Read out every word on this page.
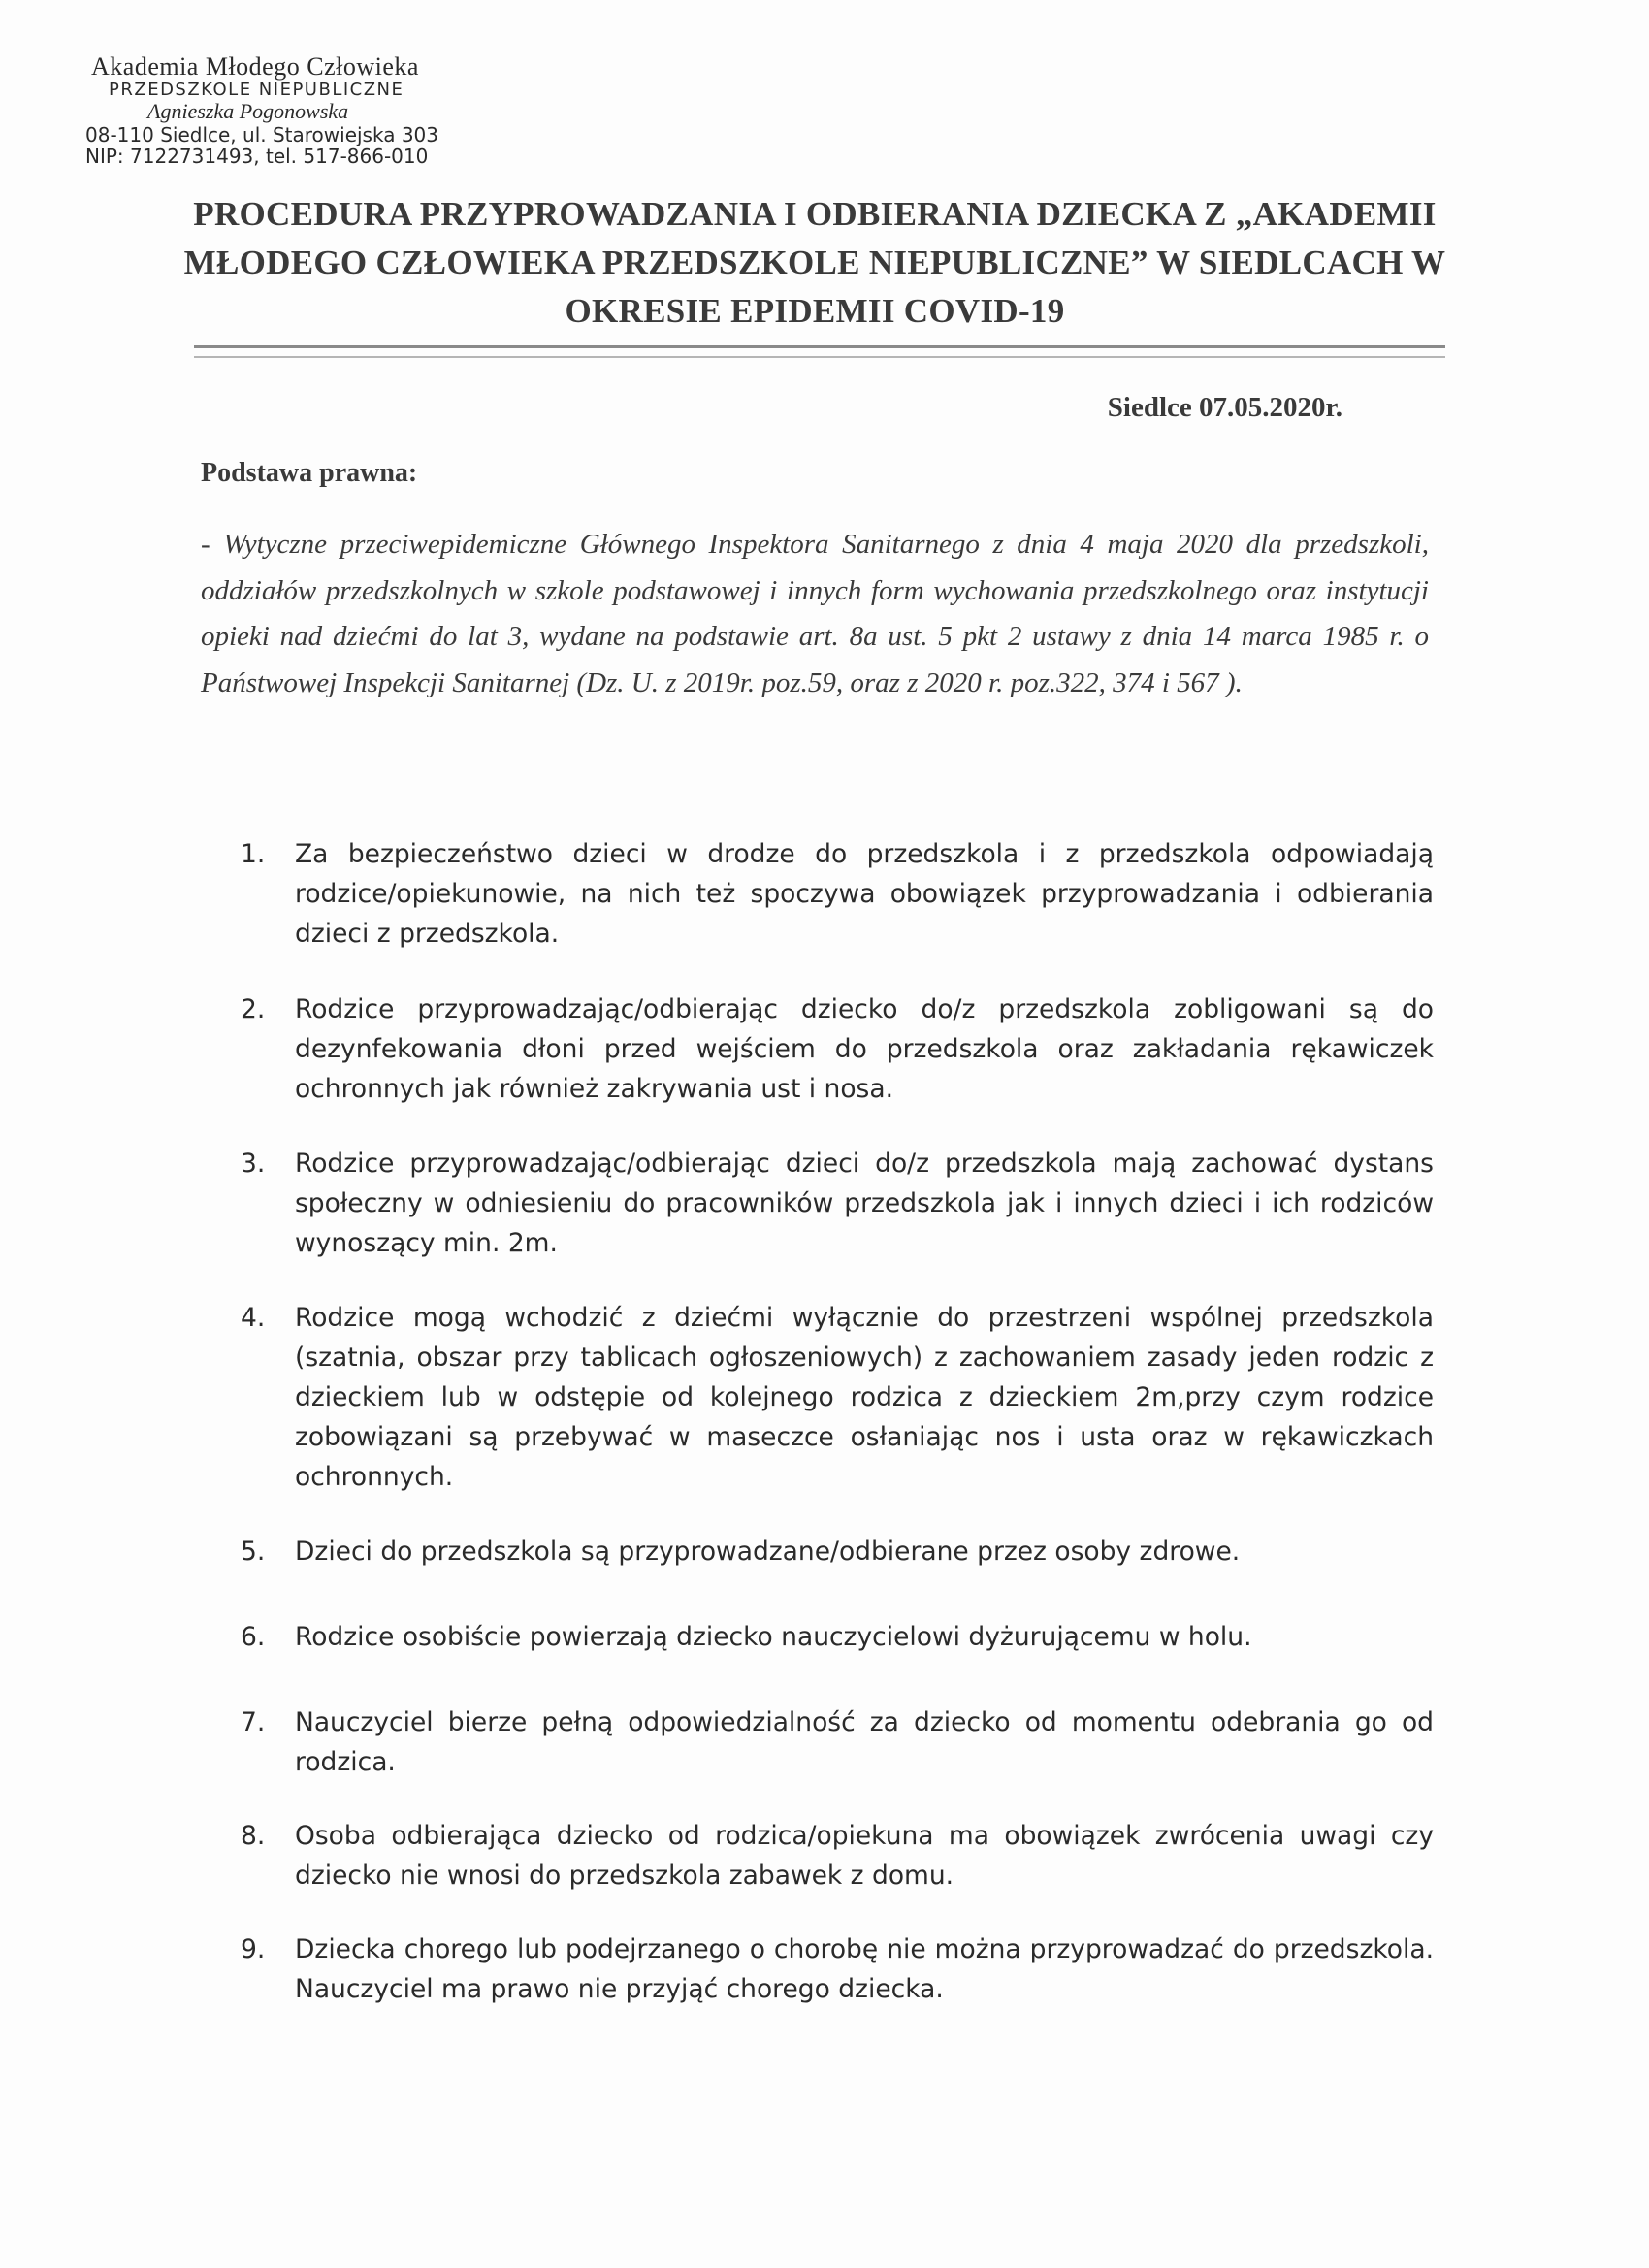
Akademia Młodego Człowieka
PRZEDSZKOLE NIEPUBLICZNE
Agnieszka Pogonowska
08-110 Siedlce, ul. Starowiejska 303
NIP: 7122731493, tel. 517-866-010
PROCEDURA PRZYPROWADZANIA I ODBIERANIA DZIECKA Z „AKADEMII MŁODEGO CZŁOWIEKA PRZEDSZKOLE NIEPUBLICZNE” W SIEDLCACH W OKRESIE EPIDEMII COVID-19
Siedlce 07.05.2020r.
Podstawa prawna:
- Wytyczne przeciwepidemiczne Głównego Inspektora Sanitarnego z dnia 4 maja 2020 dla przedszkoli, oddziałów przedszkolnych w szkole podstawowej i innych form wychowania przedszkolnego oraz instytucji opieki nad dziećmi do lat 3, wydane na podstawie art. 8a ust. 5 pkt 2 ustawy z dnia 14 marca 1985 r. o Państwowej Inspekcji Sanitarnej (Dz. U. z 2019r. poz.59, oraz z 2020 r. poz.322, 374 i 567 ).
1. Za bezpieczeństwo dzieci w drodze do przedszkola i z przedszkola odpowiadają rodzice/opiekunowie, na nich też spoczywa obowiązek przyprowadzania i odbierania dzieci z przedszkola.
2. Rodzice przyprowadzając/odbierając dziecko do/z przedszkola zobligowani są do dezynfekowania dłoni przed wejściem do przedszkola oraz zakładania rękawiczek ochronnych jak również zakrywania ust i nosa.
3. Rodzice przyprowadzając/odbierając dzieci do/z przedszkola mają zachować dystans społeczny w odniesieniu do pracowników przedszkola jak i innych dzieci i ich rodziców wynoszący min. 2m.
4. Rodzice mogą wchodzić z dziećmi wyłącznie do przestrzeni wspólnej przedszkola (szatnia, obszar przy tablicach ogłoszeniowych) z zachowaniem zasady jeden rodzic z dzieckiem lub w odstępie od kolejnego rodzica z dzieckiem 2m,przy czym rodzice zobowiązani są przebywać w maseczce osłaniając nos i usta oraz w rękawiczkach ochronnych.
5. Dzieci do przedszkola są przyprowadzane/odbierane przez osoby zdrowe.
6. Rodzice osobiście powierzają dziecko nauczycielowi dyżurującemu w holu.
7. Nauczyciel bierze pełną odpowiedzialność za dziecko od momentu odebrania go od rodzica.
8. Osoba odbierająca dziecko od rodzica/opiekuna ma obowiązek zwrócenia uwagi czy dziecko nie wnosi do przedszkola zabawek z domu.
9. Dziecka chorego lub podejrzanego o chorobę nie można przyprowadzać do przedszkola. Nauczyciel ma prawo nie przyjąć chorego dziecka.
